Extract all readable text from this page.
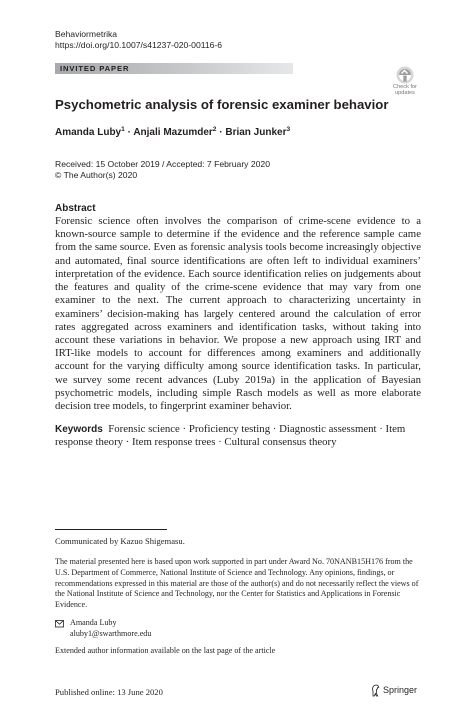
Behaviormetrika
https://doi.org/10.1007/s41237-020-00116-6
INVITED PAPER
Check for
updates
Psychometric analysis of forensic examiner behavior
Amanda Luby$^1$ · Anjali Mazumder$^2$ · Brian Junker$^3$
Received: 15 October 2019 / Accepted: 7 February 2020
© The Author(s) 2020
Abstract

Forensic science often involves the comparison of crime-scene evidence to a known-source sample to determine if the evidence and the reference sample came from the same source. Even as forensic analysis tools become increasingly objective and automated, final source identifications are often left to individual examiners’ interpretation of the evidence. Each source identification relies on judgements about the features and quality of the crime-scene evidence that may vary from one examiner to the next. The current approach to characterizing uncertainty in examiners’ decision-making has largely centered around the calculation of error rates aggregated across examiners and identification tasks, without taking into account these variations in behavior. We propose a new approach using IRT and IRT-like models to account for differences among examiners and additionally account for the varying difficulty among source identification tasks. In particular, we survey some recent advances (Luby 2019a) in the application of Bayesian psychometric models, including simple Rasch models as well as more elaborate decision tree models, to fingerprint examiner behavior.

Keywords Forensic science · Proficiency testing · Diagnostic assessment · Item response theory · Item response trees · Cultural consensus theory

Communicated by Kazuo Shigemasu.

The material presented here is based upon work supported in part under Award No. 70NANB15H176 from the U.S. Department of Commerce, National Institute of Science and Technology. Any opinions, findings, or recommendations expressed in this material are those of the author(s) and do not necessarily reflect the views of the National Institute of Science and Technology, nor the Center for Statistics and Applications in Forensic Evidence.

Amanda Luby
aluby1@swarthmore.edu
Extended author information available on the last page of the article
Published online: 13 June 2020	Springer
